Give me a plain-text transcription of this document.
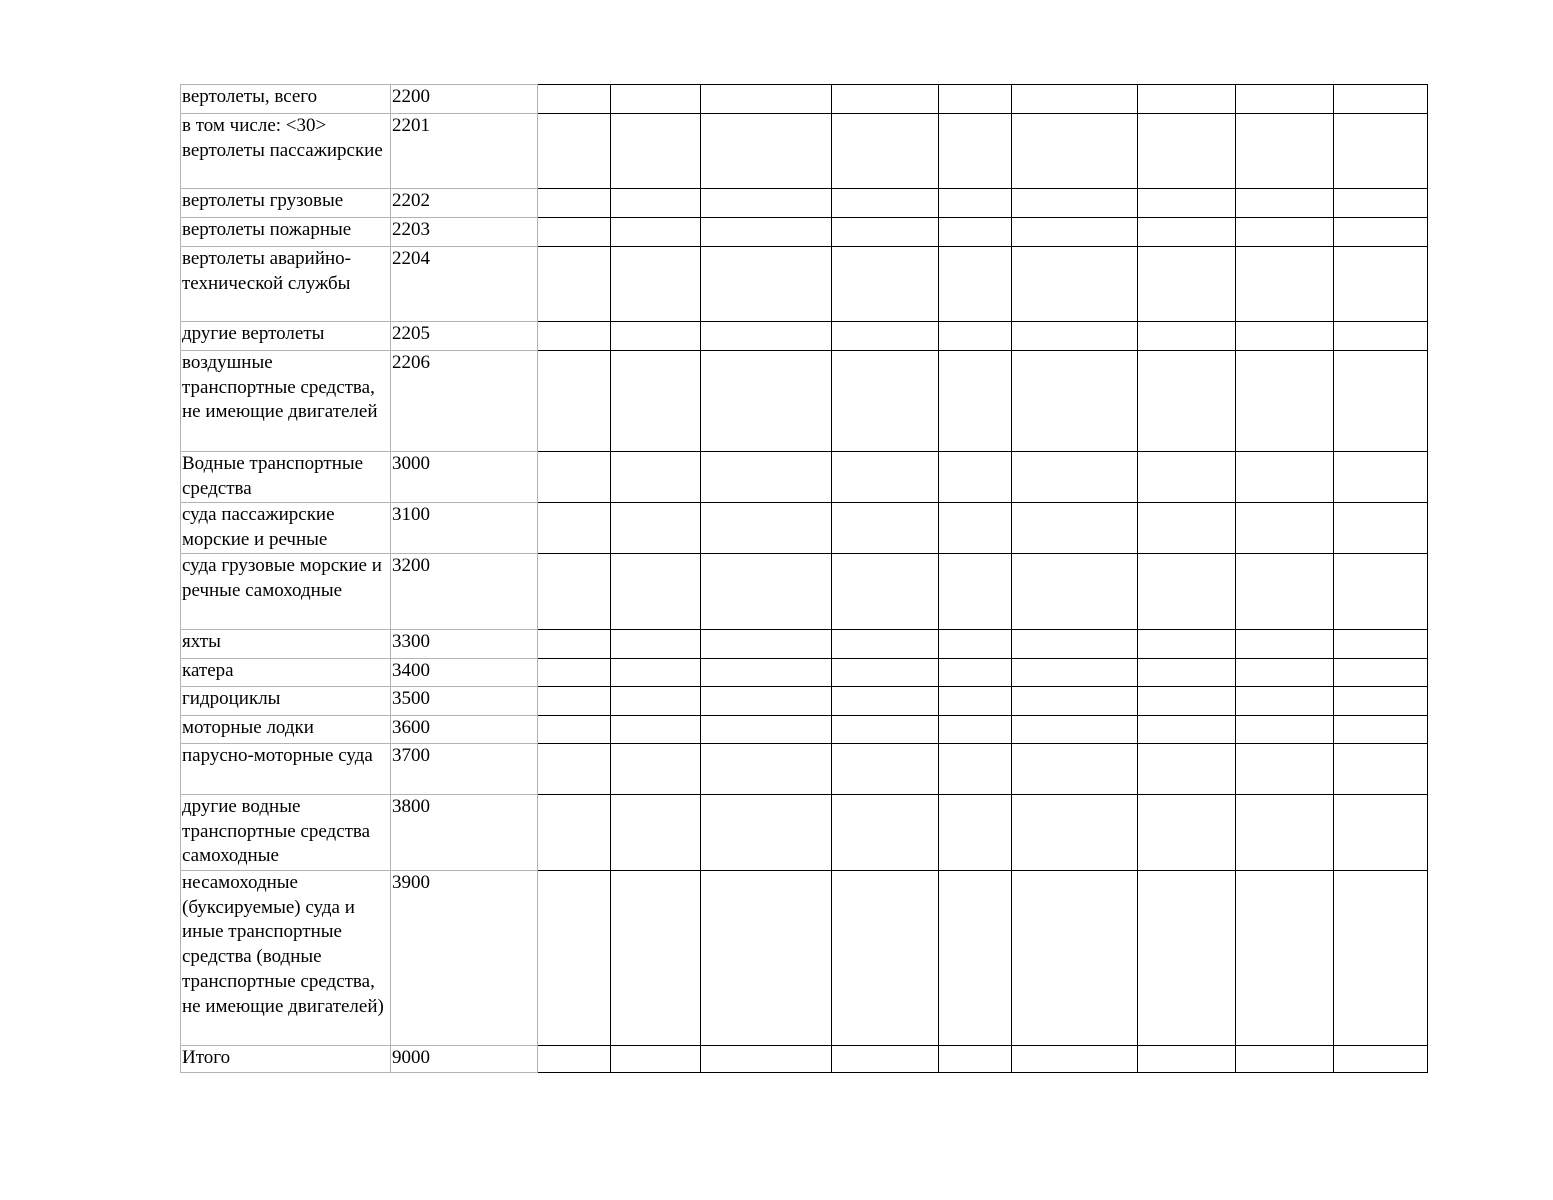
вертолеты, всего	2200									

в том числе: <30> вертолеты пассажирские	2201									

вертолеты грузовые	2202									

вертолеты пожарные	2203									

вертолеты аварийно-технической службы	2204									

другие вертолеты	2205									

воздушные транспортные средства, не имеющие двигателей	2206									

Водные транспортные средства	3000									

суда пассажирские морские и речные	3100									

суда грузовые морские и речные самоходные	3200									

яхты	3300									

катера	3400									

гидроциклы	3500									

моторные лодки	3600									

парусно-моторные суда	3700									

другие водные транспортные средства самоходные	3800									

несамоходные (буксируемые) суда и иные транспортные средства (водные транспортные средства, не имеющие двигателей)	3900									

Итого	9000									
